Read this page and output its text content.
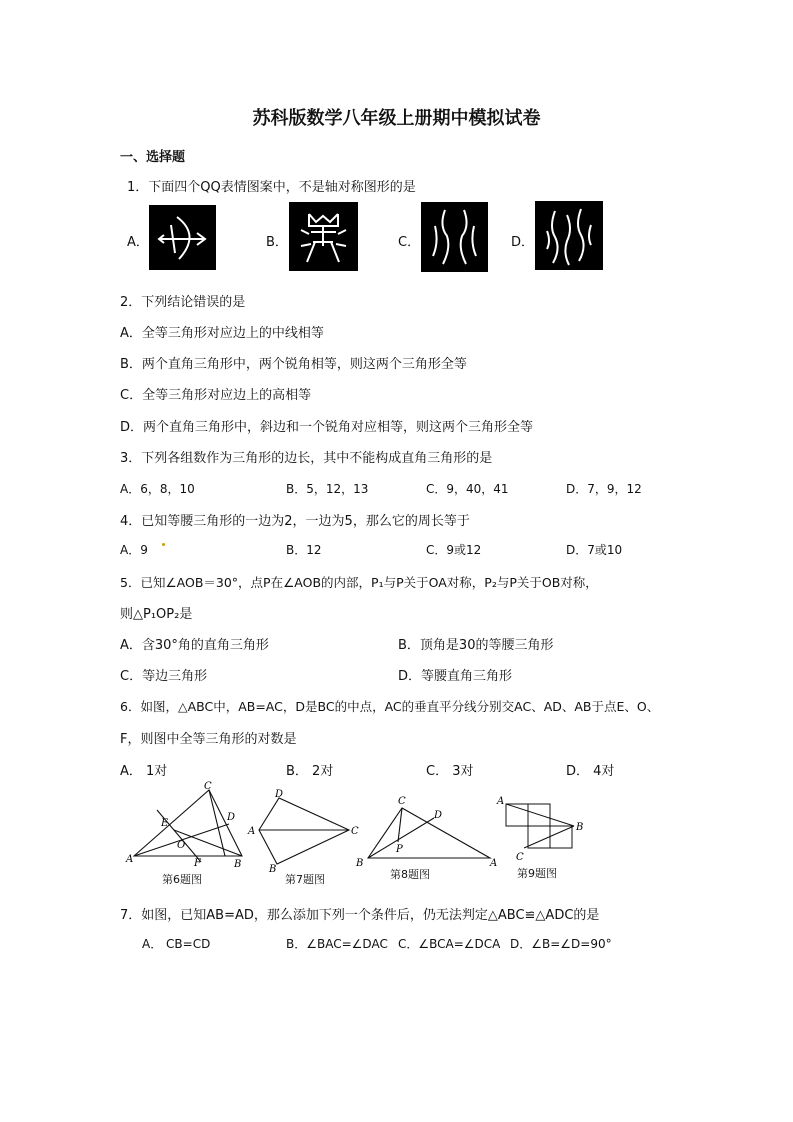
苏科版数学八年级上册期中模拟试卷
一、选择题
1．下面四个QQ表情图案中，不是轴对称图形的是
A．	B．	C．	D．
2．下列结论错误的是
A．全等三角形对应边上的中线相等
B．两个直角三角形中，两个锐角相等，则这两个三角形全等
C．全等三角形对应边上的高相等
D．两个直角三角形中，斜边和一个锐角对应相等，则这两个三角形全等
3．下列各组数作为三角形的边长，其中不能构成直角三角形的是
A．6，8，10	B．5，12，13	C．9，40，41	D．7，9，12
4．已知等腰三角形的一边为2，一边为5，那么它的周长等于
A．9	B．12	C．9或12	D．7或10
5．已知∠AOB＝30°，点P在∠AOB的内部，P₁与P关于OA对称，P₂与P关于OB对称，
则△P₁OP₂是
A．含30°角的直角三角形	B．顶角是30的等腰三角形
C．等边三角形	D．等腰直角三角形
6．如图，△ABC中，AB=AC，D是BC的中点，AC的垂直平分线分别交AC、AD、AB于点E、O、
F，则图中全等三角形的对数是
A． 1对	B． 2对	C． 3对	D． 4对
A	B
C
D
E
F
O
第6题图
D
A	C
B
第7题图
C
D
P
B	A
第8题图
A
B
C
第9题图
7．如图，已知AB=AD，那么添加下列一个条件后，仍无法判定△ABC≌△ADC的是
A． CB=CD	B．∠BAC=∠DAC C．∠BCA=∠DCA D．∠B=∠D=90°
